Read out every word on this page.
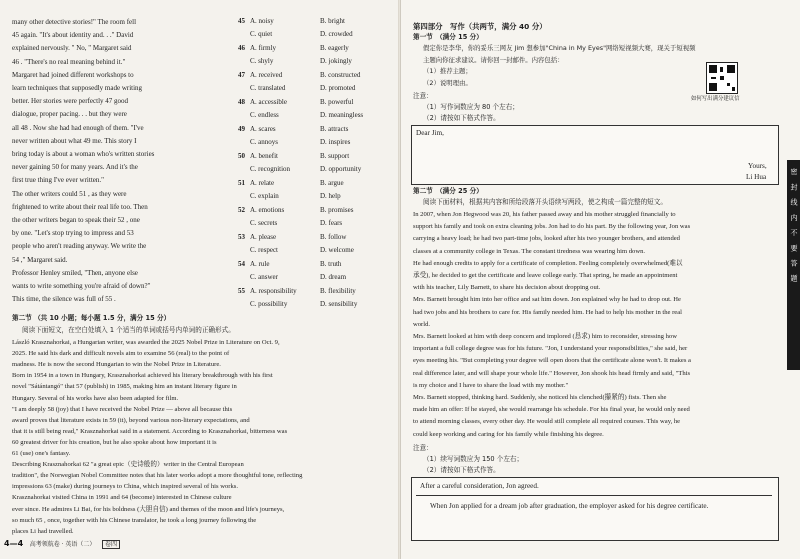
many other detective stories!" The room fell
45 again. "It's about identity and. . ." David
explained nervously. " No, " Margaret said
46 . "There's no real meaning behind it."
Margaret had joined different workshops to
learn techniques that supposedly made writing
better. Her stories were perfectly 47 good
dialogue, proper pacing. . . but they were
all 48 . Now she had had enough of them. "I've
never written about what 49 me. This story I
bring today is about a woman who's written stories
never gaining 50 for many years. And it's the
first true thing I've ever written."
The other writers could 51 , as they were
frightened to write about their real life too. Then
the other writers began to speak their 52 , one
by one. "Let's stop trying to impress and 53
people who aren't reading anyway. We write the
54 ," Margaret said.
Professor Henley smiled, "Then, anyone else
wants to write something you're afraid of down?"
This time, the silence was full of 55 .
45 A. noisy	B. bright
C. quiet	D. crowded
46 A. firmly	B. eagerly
C. shyly	D. jokingly
47 A. received	B. constructed
C. translated	D. promoted
48 A. accessible	B. powerful
C. endless	D. meaningless
49 A. scares	B. attracts
C. annoys	D. inspires
50 A. benefit	B. support
C. recognition	D. opportunity
51 A. relate	B. argue
C. explain	D. help
52 A. emotions	B. promises
C. secrets	D. fears
53 A. please	B. follow
C. respect	D. welcome
54 A. rule	B. truth
C. answer	D. dream
55 A. responsibility	B. flexibility
C. possibility	D. sensibility
第二节 （共 10 小题；每小题 1.5 分，满分 15 分）
阅读下面短文，在空白处填入 1 个适当的单词或括号内单词的正确形式。
László Krasznahorkai, a Hungarian writer, was awarded the 2025 Nobel Prize in Literature on Oct. 9,
2025. He said his dark and difficult novels aim to examine 56 (real) to the point of
madness. He is now the second Hungarian to win the Nobel Prize in Literature.
Born in 1954 in a town in Hungary, Krasznahorkai achieved his literary breakthrough with his first
novel "Sátántangó" that 57 (publish) in 1985, making him an instant literary figure in
Hungary. Several of his works have also been adapted for film.
"I am deeply 58 (joy) that I have received the Nobel Prize — above all because this
award proves that literature exists in 59 (it), beyond various non-literary expectations, and
that it is still being read," Krasznahorkai said in a statement. According to Krasznahorkai, bitterness was
60 greatest driver for his creation, but he also spoke about how important it is
61 (use) one's fantasy.
Describing Krasznahorkai 62 "a great epic（史诗般的）writer in the Central European
tradition", the Norwegian Nobel Committee notes that his later works adopt a more thoughtful tone, reflecting
impressions 63 (make) during journeys to China, which inspired several of his works.
Krasznahorkai visited China in 1991 and 64 (become) interested in Chinese culture
ever since. He admires Li Bai, for his boldness (大胆自信) and themes of the moon and life's journeys,
so much 65 , once, together with his Chinese translator, he took a long journey following the
places Li had travelled.
4—4 高考领航卷 · 英语（二） 卷四
第四部分　写作（共两节，满分 40 分）
第一节　（满分 15 分）
假定你是李华，你的妥乐三网友 Jim 想参加"China in My Eyes"网络短视频大赛，现关于短视频
主题向你征求建议。请你回一封邮件。内容包括：
（1）推荐主题；
（2）说明理由。
如何写出满分建议信
注意：
（1）写作词数应为 80 个左右；
（2）请按如下格式作答。
Dear Jim,
Yours,
Li Hua
第二节　（满分 25 分）
阅读下面材料，根据其内容和所给段落开头语续写两段，使之构成一篇完整的短文。
In 2007, when Jon Hegwood was 20, his father passed away and his mother struggled financially to
support his family and took on extra cleaning jobs. Jon had to do his part. By the following year, Jon was
carrying a heavy load; he had two part-time jobs, looked after his two younger brothers, and attended
classes at a community college in Texas. The constant tiredness was wearing him down.
He had enough credits to apply for a certificate of completion. Feeling completely overwhelmed(难以
承受), he decided to get the certificate and leave college early. That spring, he made an appointment
with his teacher, Lily Barnett, to share his decision about dropping out.
Mrs. Barnett brought him into her office and sat him down. Jon explained why he had to drop out. He
had two jobs and his brothers to care for. His family needed him. He had to help his mother in the real
world.
Mrs. Barnett looked at him with deep concern and implored (恳求) him to reconsider, stressing how
important a full college degree was for his future. "Jon, I understand your responsibilities," she said, her
eyes meeting his. "But completing your degree will open doors that the certificate alone won't. It makes a
real difference later, and will shape your whole life." However, Jon shook his head firmly and said, "This
is my choice and I have to share the load with my mother."
Mrs. Barnett stopped, thinking hard. Suddenly, she noticed his clenched(攥紧的) fists. Then she
made him an offer: If he stayed, she would rearrange his schedule. For his final year, he would only need
to attend morning classes, every other day. He would still complete all required courses. This way, he
could keep working and caring for his family while finishing his degree.
注意：
（1）续写词数应为 150 个左右；
（2）请按如下格式作答。
After a careful consideration, Jon agreed.
When Jon applied for a dream job after graduation, the employer asked for his degree certificate.
密 封 线 内 不 要 答 题
